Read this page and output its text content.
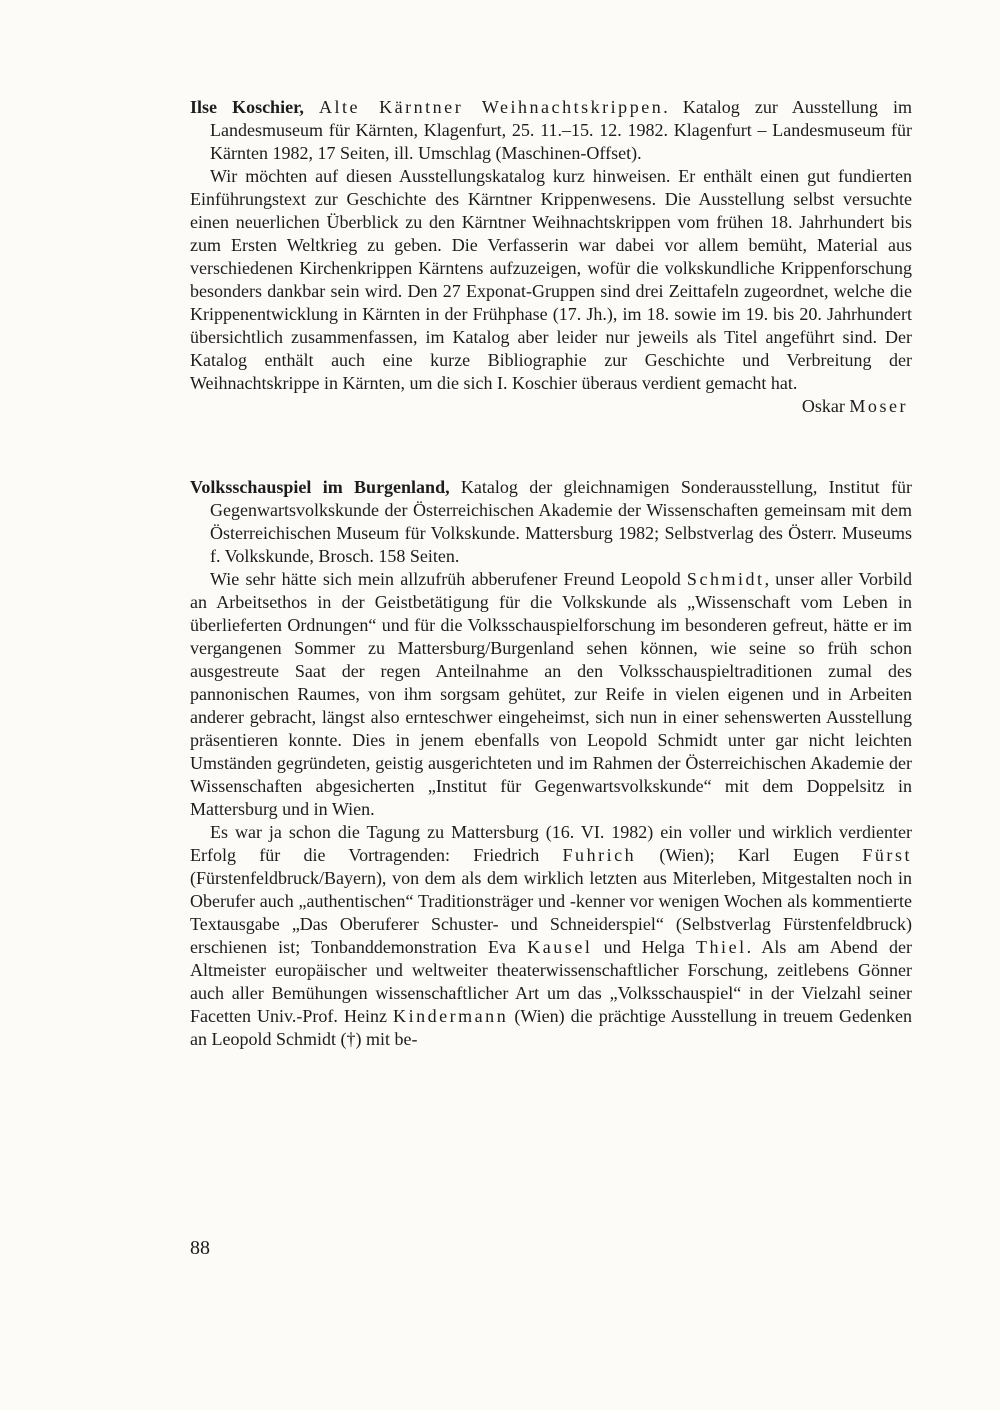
Ilse Koschier, Alte Kärntner Weihnachtskrippen. Katalog zur Ausstellung im Landesmuseum für Kärnten, Klagenfurt, 25. 11.–15. 12. 1982. Klagenfurt – Landesmuseum für Kärnten 1982, 17 Seiten, ill. Umschlag (Maschinen-Offset).

Wir möchten auf diesen Ausstellungskatalog kurz hinweisen. Er enthält einen gut fundierten Einführungstext zur Geschichte des Kärntner Krippenwesens. Die Ausstellung selbst versuchte einen neuerlichen Überblick zu den Kärntner Weihnachtskrippen vom frühen 18. Jahrhundert bis zum Ersten Weltkrieg zu geben. Die Verfasserin war dabei vor allem bemüht, Material aus verschiedenen Kirchenkrippen Kärntens aufzuzeigen, wofür die volkskundliche Krippenforschung besonders dankbar sein wird. Den 27 Exponat-Gruppen sind drei Zeittafeln zugeordnet, welche die Krippenentwicklung in Kärnten in der Frühphase (17. Jh.), im 18. sowie im 19. bis 20. Jahrhundert übersichtlich zusammenfassen, im Katalog aber leider nur jeweils als Titel angeführt sind. Der Katalog enthält auch eine kurze Bibliographie zur Geschichte und Verbreitung der Weihnachtskrippe in Kärnten, um die sich I. Koschier überaus verdient gemacht hat.

Oskar Moser

Volksschauspiel im Burgenland, Katalog der gleichnamigen Sonderausstellung, Institut für Gegenwartsvolkskunde der Österreichischen Akademie der Wissenschaften gemeinsam mit dem Österreichischen Museum für Volkskunde. Mattersburg 1982; Selbstverlag des Österr. Museums f. Volkskunde, Brosch. 158 Seiten.

Wie sehr hätte sich mein allzufrüh abberufener Freund Leopold Schmidt, unser aller Vorbild an Arbeitsethos in der Geistbetätigung für die Volkskunde als „Wissenschaft vom Leben in überlieferten Ordnungen“ und für die Volksschauspielforschung im besonderen gefreut, hätte er im vergangenen Sommer zu Mattersburg/Burgenland sehen können, wie seine so früh schon ausgestreute Saat der regen Anteilnahme an den Volksschauspieltraditionen zumal des pannonischen Raumes, von ihm sorgsam gehütet, zur Reife in vielen eigenen und in Arbeiten anderer gebracht, längst also ernteschwer eingeheimst, sich nun in einer sehenswerten Ausstellung präsentieren konnte. Dies in jenem ebenfalls von Leopold Schmidt unter gar nicht leichten Umständen gegründeten, geistig ausgerichteten und im Rahmen der Österreichischen Akademie der Wissenschaften abgesicherten „Institut für Gegenwartsvolkskunde“ mit dem Doppelsitz in Mattersburg und in Wien.

Es war ja schon die Tagung zu Mattersburg (16. VI. 1982) ein voller und wirklich verdienter Erfolg für die Vortragenden: Friedrich Fuhrich (Wien); Karl Eugen Fürst (Fürstenfeldbruck/Bayern), von dem als dem wirklich letzten aus Miterleben, Mitgestalten noch in Oberufer auch „authentischen“ Traditionsträger und -kenner vor wenigen Wochen als kommentierte Textausgabe „Das Oberuferer Schuster- und Schneiderspiel“ (Selbstverlag Fürstenfeldbruck) erschienen ist; Tonbanddemonstration Eva Kausel und Helga Thiel. Als am Abend der Altmeister europäischer und weltweiter theaterwissenschaftlicher Forschung, zeitlebens Gönner auch aller Bemühungen wissenschaftlicher Art um das „Volksschauspiel“ in der Vielzahl seiner Facetten Univ.-Prof. Heinz Kindermann (Wien) die prächtige Ausstellung in treuem Gedenken an Leopold Schmidt (†) mit be-

88
